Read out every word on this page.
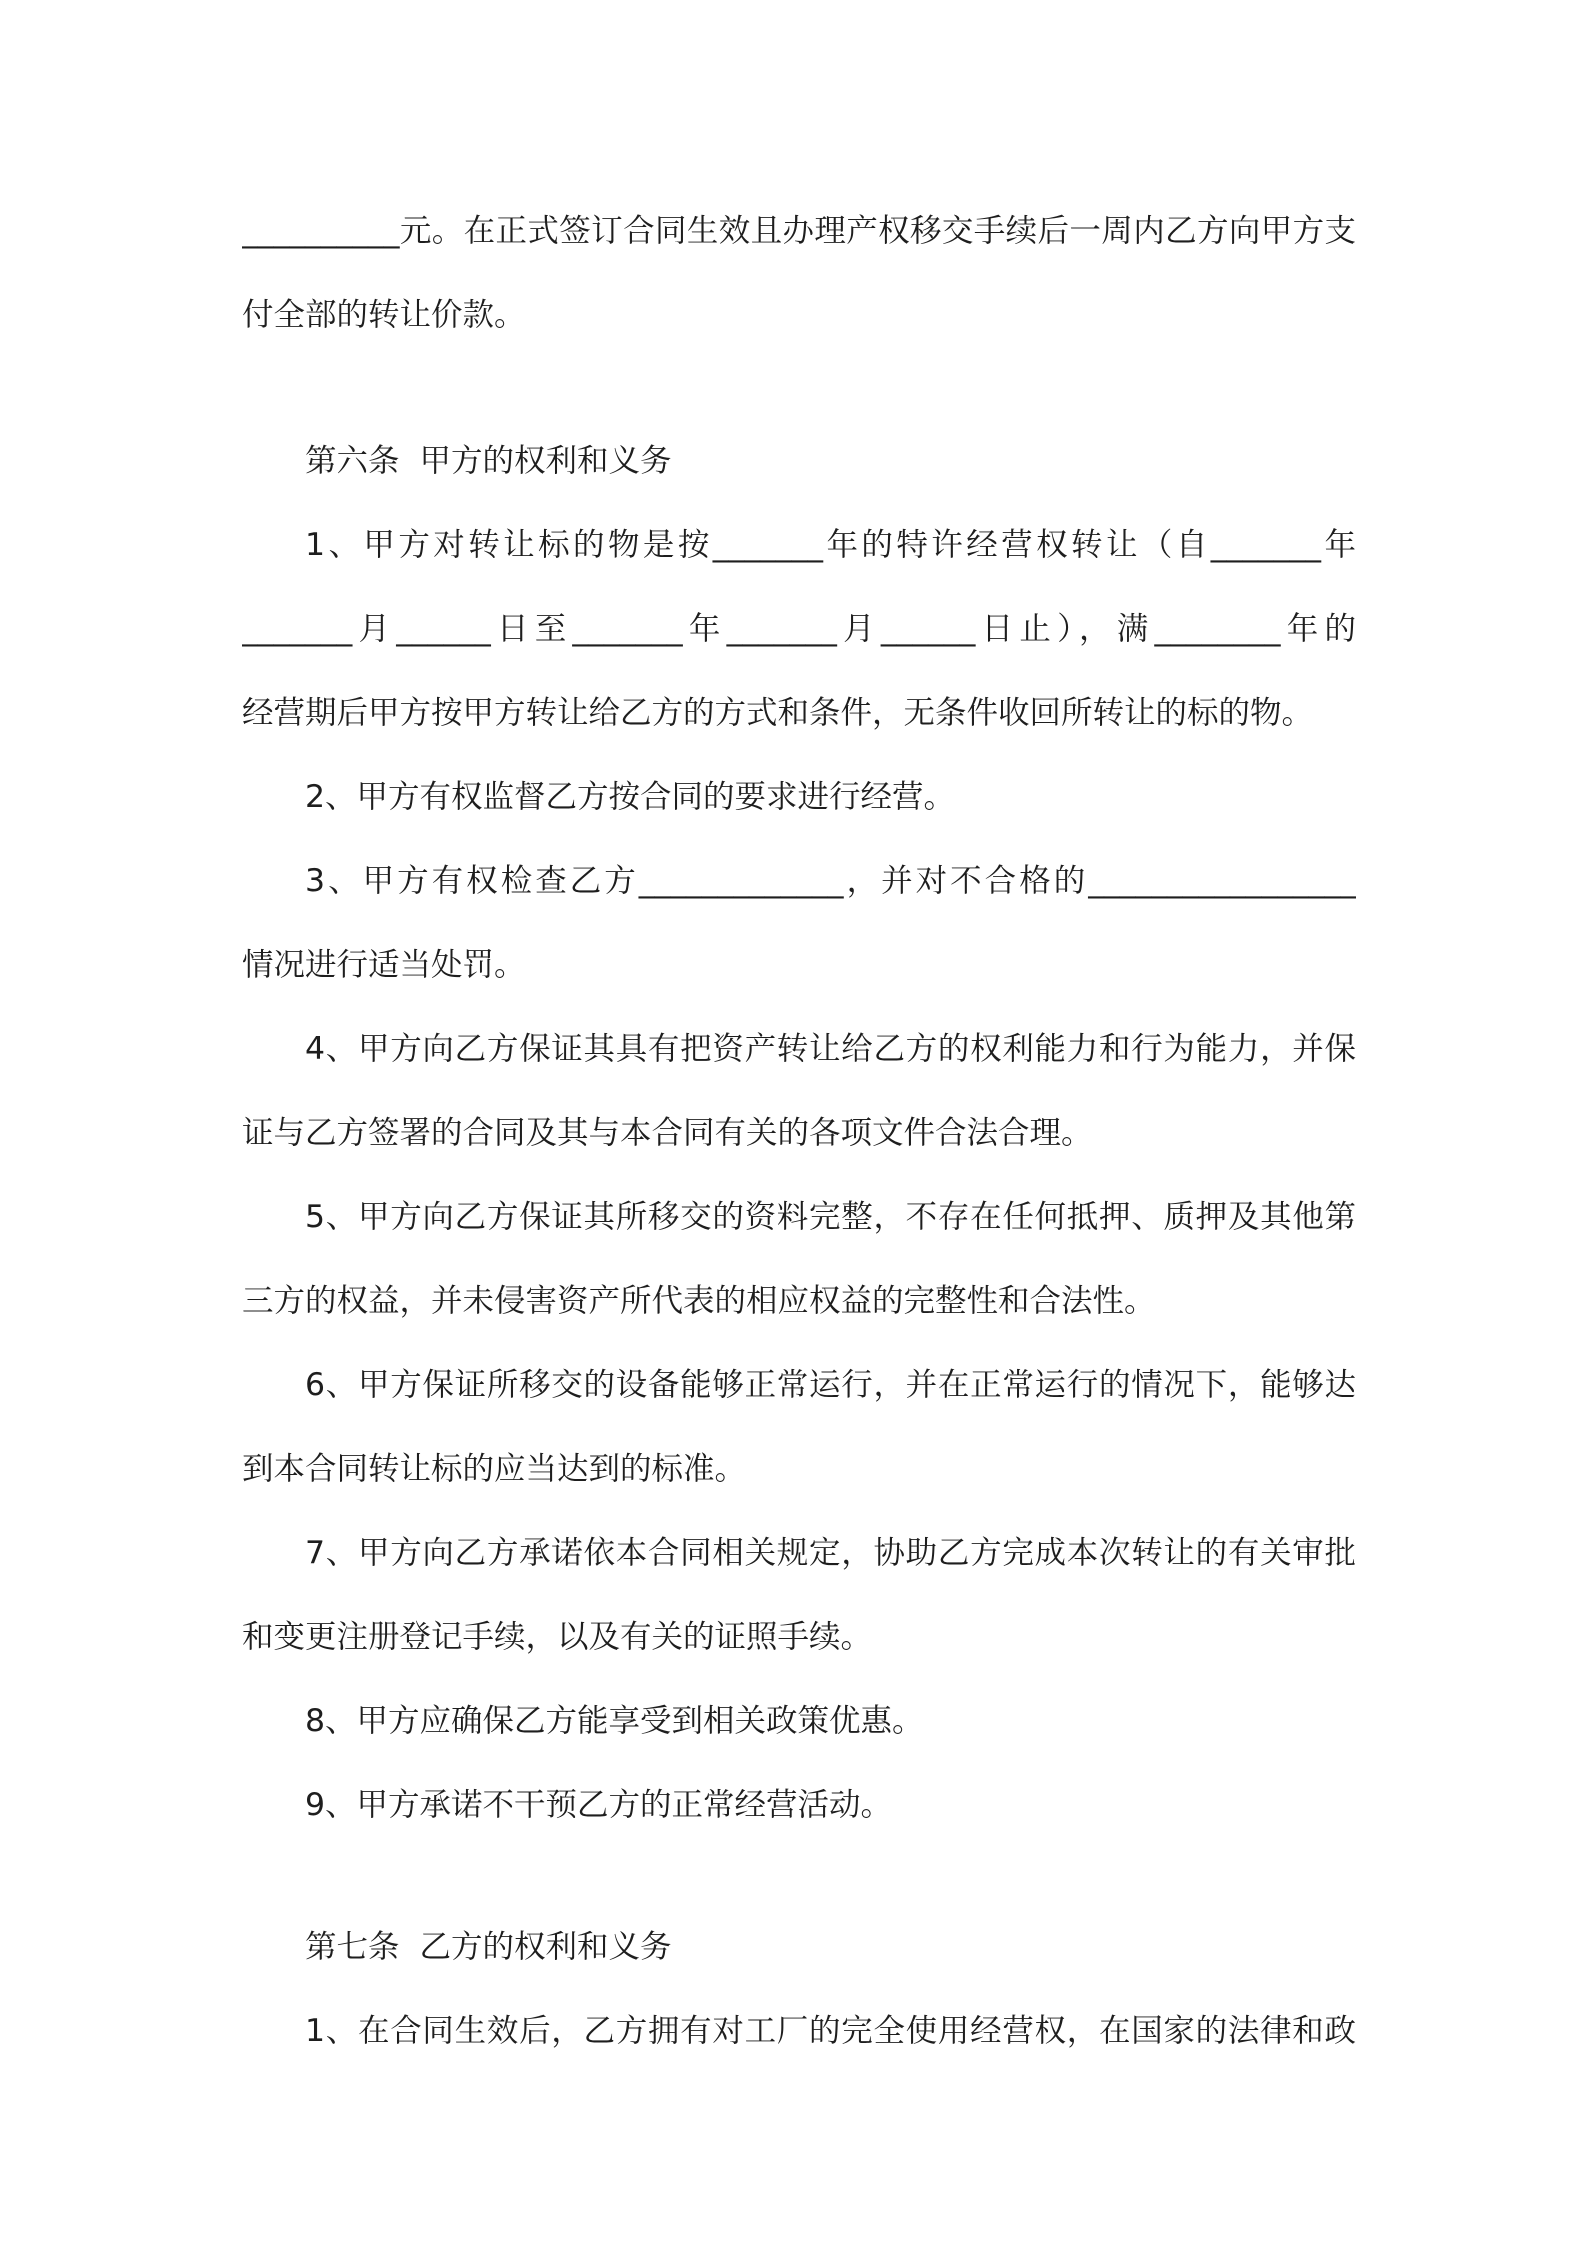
__________元。在正式签订合同生效且办理产权移交手续后一周内乙方向甲方支
付全部的转让价款。
第六条  甲方的权利和义务
1、甲方对转让标的物是按_______年的特许经营权转让（自_______年
_______月______日至_______年_______月______日止），满________年的
经营期后甲方按甲方转让给乙方的方式和条件，无条件收回所转让的标的物。
2、甲方有权监督乙方按合同的要求进行经营。
3、甲方有权检查乙方_____________，并对不合格的_________________
情况进行适当处罚。
4、甲方向乙方保证其具有把资产转让给乙方的权利能力和行为能力，并保
证与乙方签署的合同及其与本合同有关的各项文件合法合理。
5、甲方向乙方保证其所移交的资料完整，不存在任何抵押、质押及其他第
三方的权益，并未侵害资产所代表的相应权益的完整性和合法性。
6、甲方保证所移交的设备能够正常运行，并在正常运行的情况下，能够达
到本合同转让标的应当达到的标准。
7、甲方向乙方承诺依本合同相关规定，协助乙方完成本次转让的有关审批
和变更注册登记手续，以及有关的证照手续。
8、甲方应确保乙方能享受到相关政策优惠。
9、甲方承诺不干预乙方的正常经营活动。
第七条  乙方的权利和义务
1、在合同生效后，乙方拥有对工厂的完全使用经营权，在国家的法律和政
